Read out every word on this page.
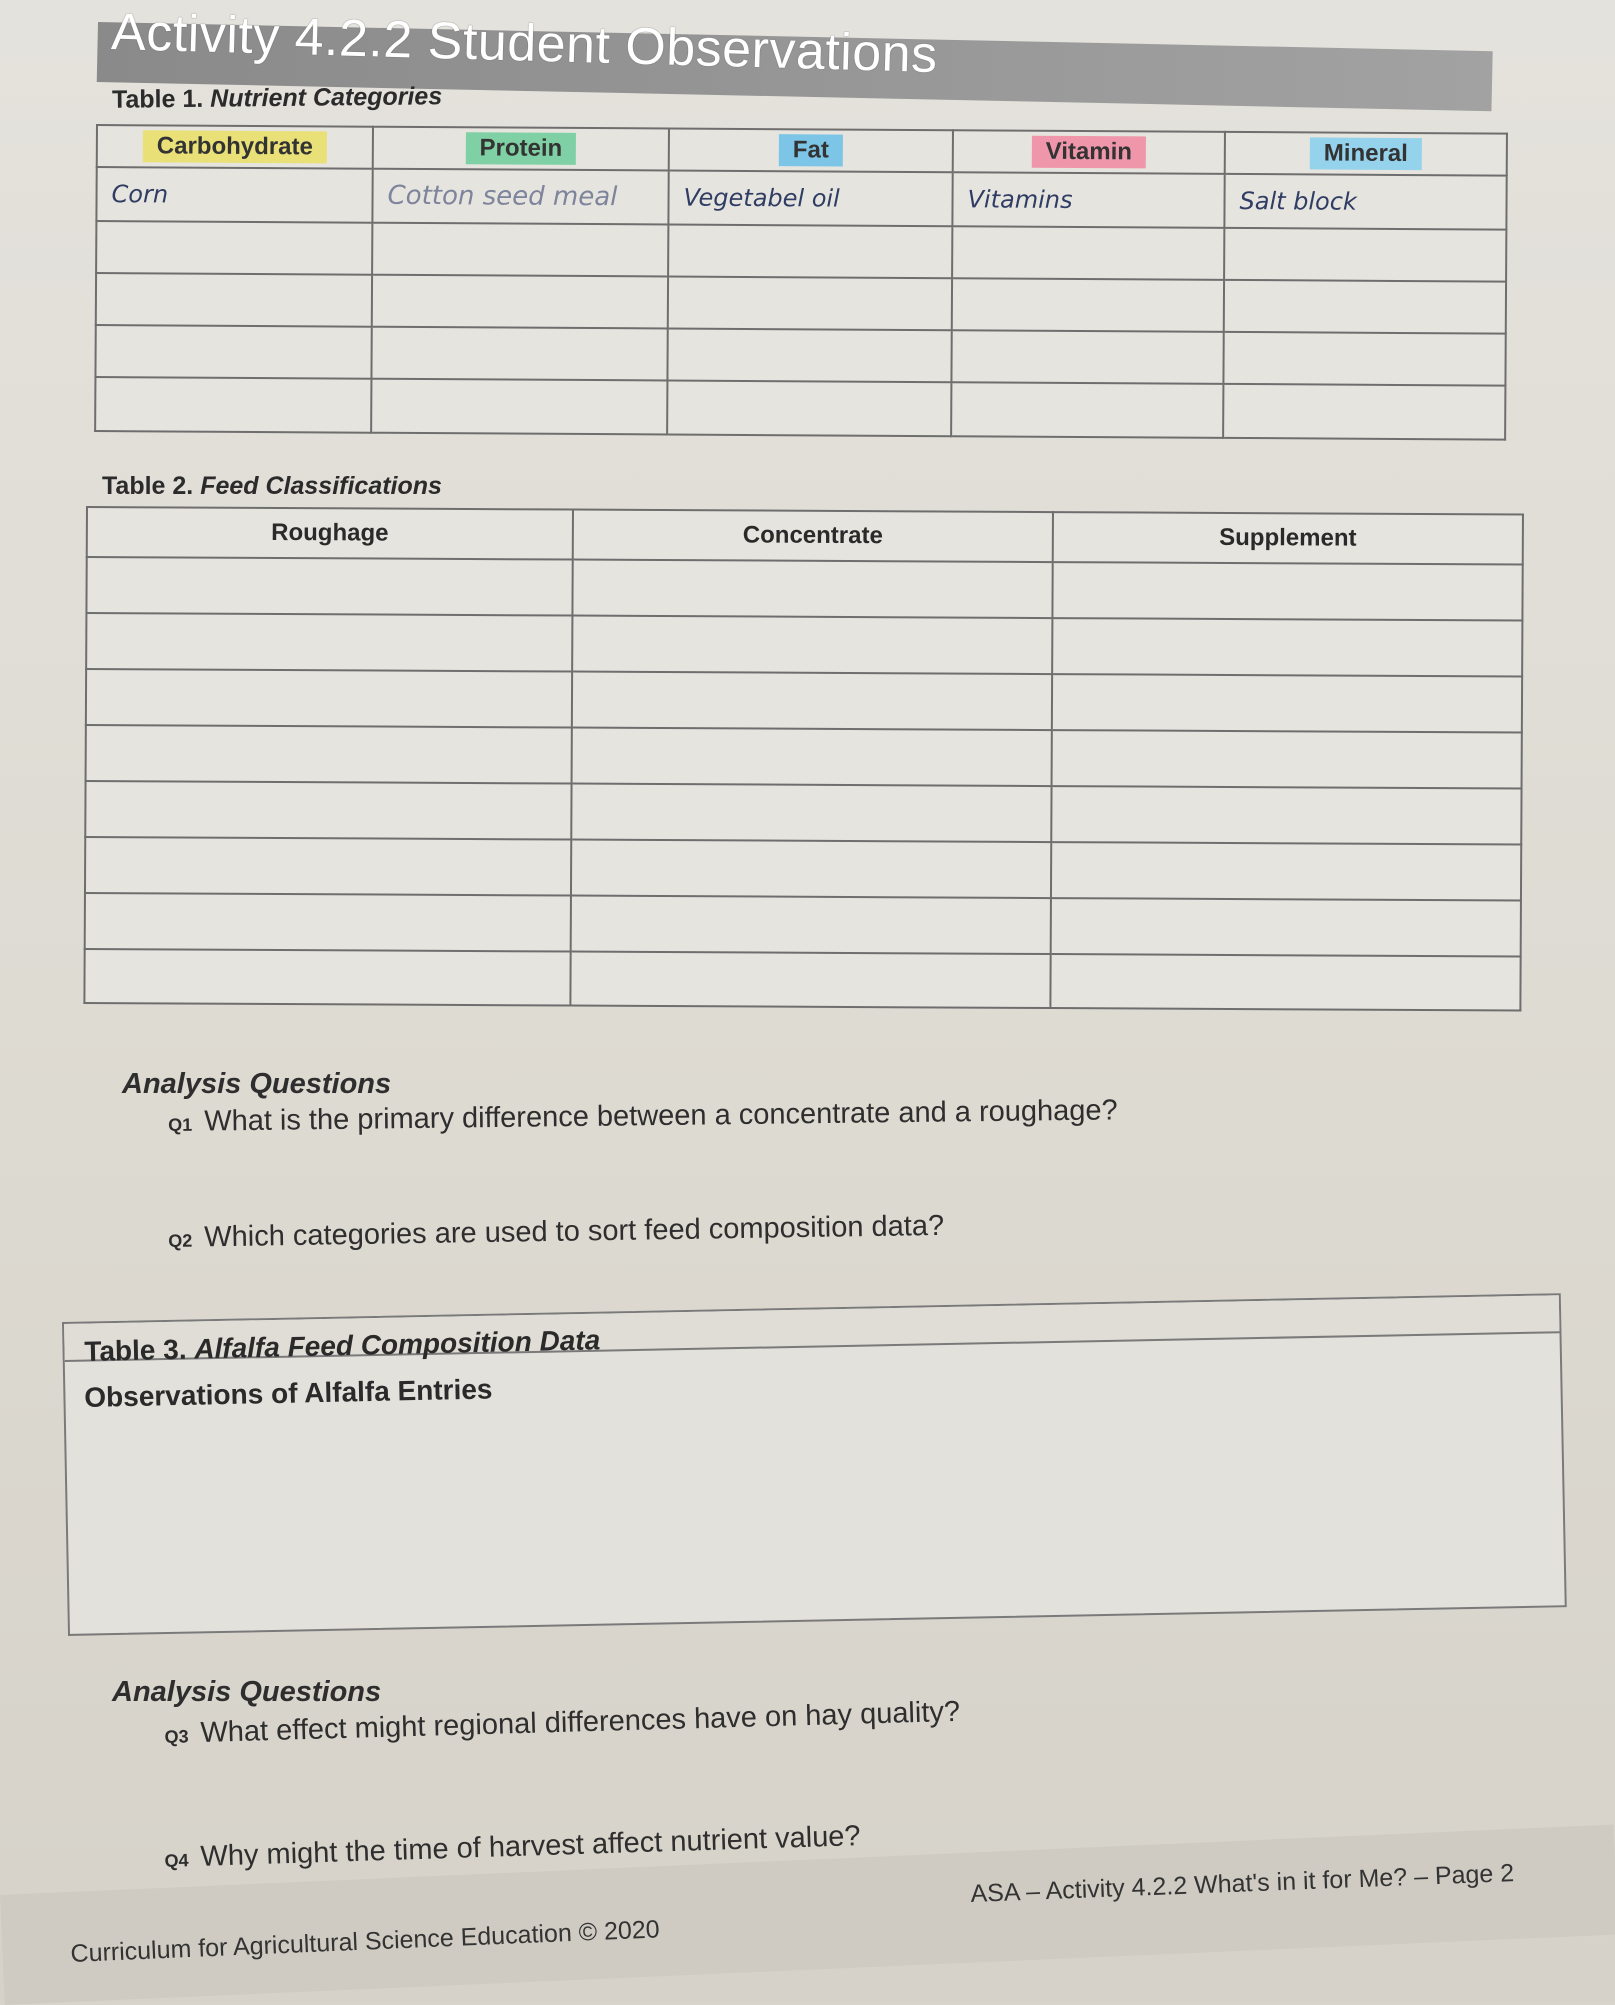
Activity 4.2.2 Student Observations
Table 1. Nutrient Categories
Carbohydrate	Protein	Fat	Vitamin	Mineral
Corn	Cotton seed meal	Vegetabel oil	Vitamins	Salt block

Table 2. Feed Classifications
Roughage	Concentrate	Supplement

Analysis Questions
Q1 What is the primary difference between a concentrate and a roughage?
Q2 Which categories are used to sort feed composition data?
Table 3. Alfalfa Feed Composition Data
Observations of Alfalfa Entries
Analysis Questions
Q3 What effect might regional differences have on hay quality?
Q4 Why might the time of harvest affect nutrient value?
Curriculum for Agricultural Science Education © 2020
ASA – Activity 4.2.2 What's in it for Me? – Page 2
